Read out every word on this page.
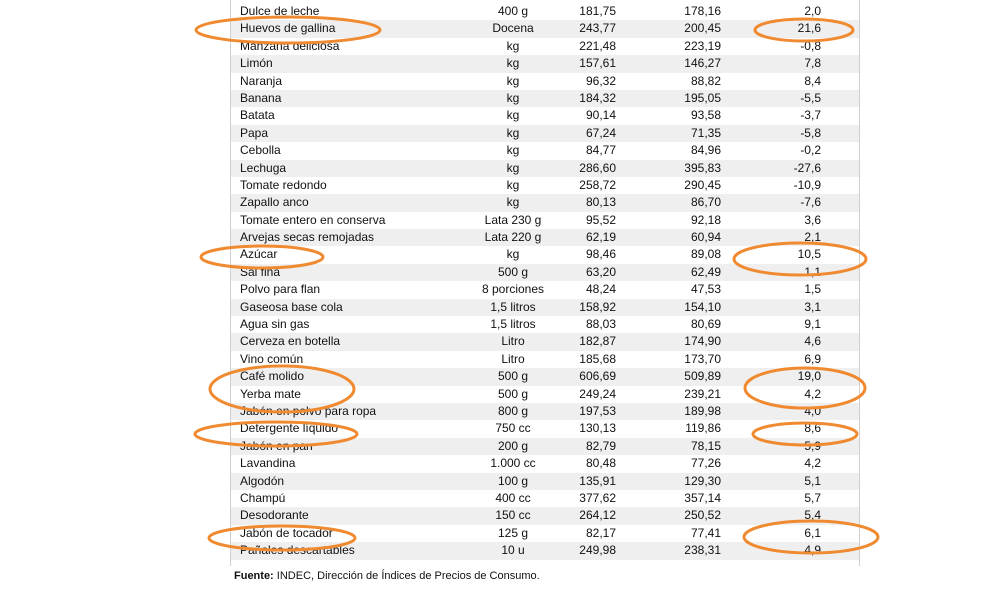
Dulce de leche	400 g	181,75	178,16	2,0
Huevos de gallina	Docena	243,77	200,45	21,6
Manzana deliciosa	kg	221,48	223,19	-0,8
Limón	kg	157,61	146,27	7,8
Naranja	kg	96,32	88,82	8,4
Banana	kg	184,32	195,05	-5,5
Batata	kg	90,14	93,58	-3,7
Papa	kg	67,24	71,35	-5,8
Cebolla	kg	84,77	84,96	-0,2
Lechuga	kg	286,60	395,83	-27,6
Tomate redondo	kg	258,72	290,45	-10,9
Zapallo anco	kg	80,13	86,70	-7,6
Tomate entero en conserva	Lata 230 g	95,52	92,18	3,6
Arvejas secas remojadas	Lata 220 g	62,19	60,94	2,1
Azúcar	kg	98,46	89,08	10,5
Sal fina	500 g	63,20	62,49	1,1
Polvo para flan	8 porciones	48,24	47,53	1,5
Gaseosa base cola	1,5 litros	158,92	154,10	3,1
Agua sin gas	1,5 litros	88,03	80,69	9,1
Cerveza en botella	Litro	182,87	174,90	4,6
Vino común	Litro	185,68	173,70	6,9
Café molido	500 g	606,69	509,89	19,0
Yerba mate	500 g	249,24	239,21	4,2
Jabón en polvo para ropa	800 g	197,53	189,98	4,0
Detergente líquido	750 cc	130,13	119,86	8,6
Jabón en pan	200 g	82,79	78,15	5,9
Lavandina	1.000 cc	80,48	77,26	4,2
Algodón	100 g	135,91	129,30	5,1
Champú	400 cc	377,62	357,14	5,7
Desodorante	150 cc	264,12	250,52	5,4
Jabón de tocador	125 g	82,17	77,41	6,1
Pañales descartables	10 u	249,98	238,31	4,9
Fuente: INDEC, Dirección de Índices de Precios de Consumo.
